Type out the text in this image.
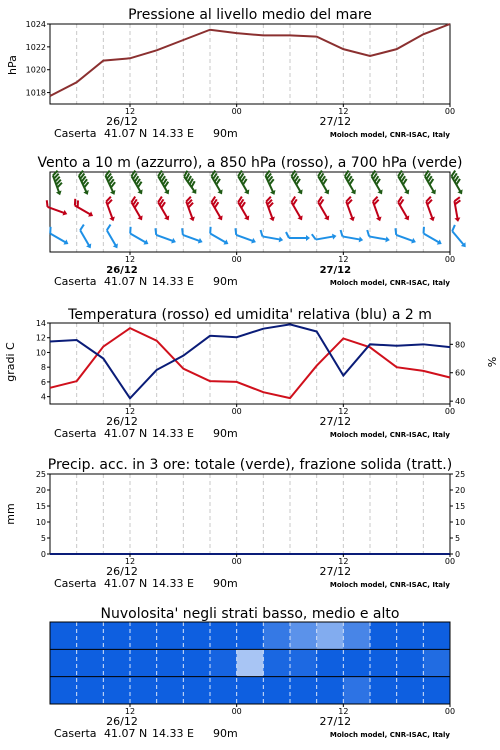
Pressione al livello medio del mare
hPa
1018
1020
1022
1024
12	00	12	00
26/12	27/12
Caserta 41.07 N 14.33 E 90m	Moloch model, CNR-ISAC, Italy
Vento a 10 m (azzurro), a 850 hPa (rosso), a 700 hPa (verde)
12	00	12	00
26/12	27/12
Caserta 41.07 N 14.33 E 90m	Moloch model, CNR-ISAC, Italy
Temperatura (rosso) ed umidita' relativa (blu) a 2 m
gradi C	%
4
6
8
10
12
14
40
60
80
12	00	12	00
26/12	27/12
Caserta 41.07 N 14.33 E 90m	Moloch model, CNR-ISAC, Italy
Precip. acc. in 3 ore: totale (verde), frazione solida (tratt.)
mm
0
5
10
15
20
25
0
5
10
15
20
25
12	00	12	00
26/12	27/12
Caserta 41.07 N 14.33 E 90m	Moloch model, CNR-ISAC, Italy
Nuvolosita' negli strati basso, medio e alto
12	00	12	00
26/12	27/12
Caserta 41.07 N 14.33 E 90m	Moloch model, CNR-ISAC, Italy
